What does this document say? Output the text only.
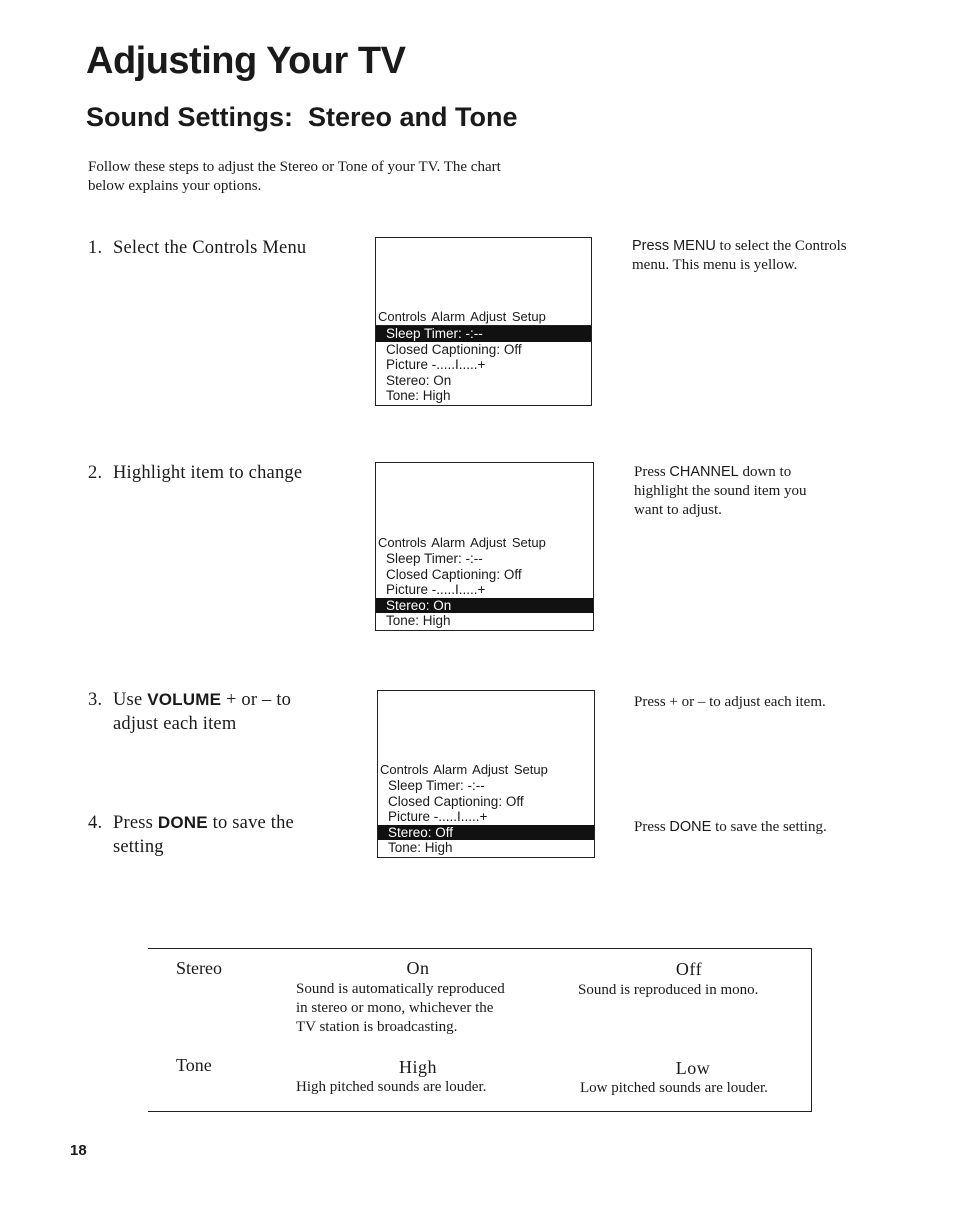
Adjusting Your TV
Sound Settings:  Stereo and Tone
Follow these steps to adjust the Stereo or Tone of your TV. The chart
below explains your options.
1. Select the Controls Menu
Controls Alarm Adjust Setup
Sleep Timer: -:--
Closed Captioning: Off
Picture -.....I.....+
Stereo: On
Tone: High
Press MENU to select the Controls
menu. This menu is yellow.
2. Highlight item to change
Controls Alarm Adjust Setup
Sleep Timer: -:--
Closed Captioning: Off
Picture -.....I.....+
Stereo: On
Tone: High
Press CHANNEL down to
highlight the sound item you
want to adjust.
3. Use VOLUME + or – to
adjust each item
Controls Alarm Adjust Setup
Sleep Timer: -:--
Closed Captioning: Off
Picture -.....I.....+
Stereo: Off
Tone: High
Press + or – to adjust each item.
4. Press DONE to save the
setting
Press DONE to save the setting.
Stereo	On
Sound is automatically reproduced
in stereo or mono, whichever the
TV station is broadcasting.
Off
Sound is reproduced in mono.
Tone	High
High pitched sounds are louder.
Low
Low pitched sounds are louder.
18
